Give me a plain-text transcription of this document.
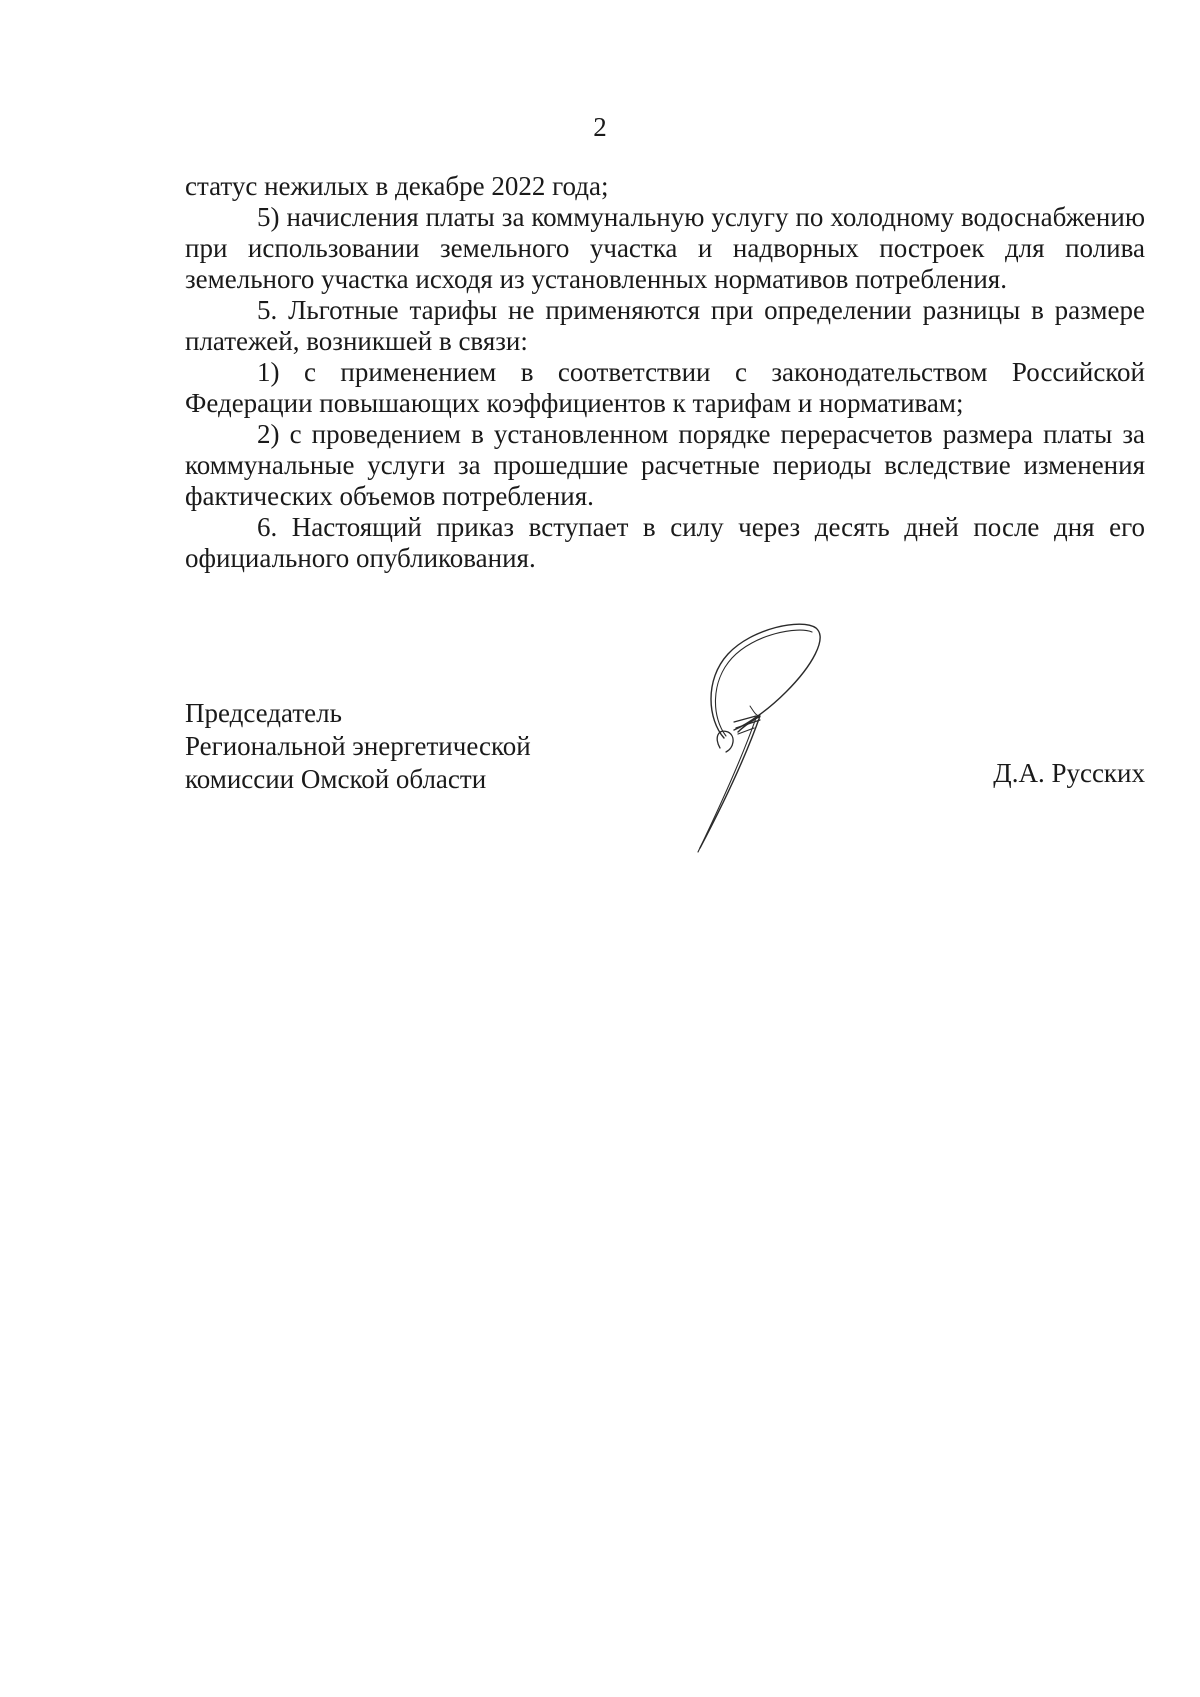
2

статус нежилых в декабре 2022 года;

5) начисления платы за коммунальную услугу по холодному водоснабжению при использовании земельного участка и надворных построек для полива земельного участка исходя из установленных нормативов потребления.

5. Льготные тарифы не применяются при определении разницы в размере платежей, возникшей в связи:

1) с применением в соответствии с законодательством Российской Федерации повышающих коэффициентов к тарифам и нормативам;

2) с проведением в установленном порядке перерасчетов размера платы за коммунальные услуги за прошедшие расчетные периоды вследствие изменения фактических объемов потребления.

6. Настоящий приказ вступает в силу через десять дней после дня его официального опубликования.

Председатель
Региональной энергетической
комиссии Омской области	Д.А. Русских
